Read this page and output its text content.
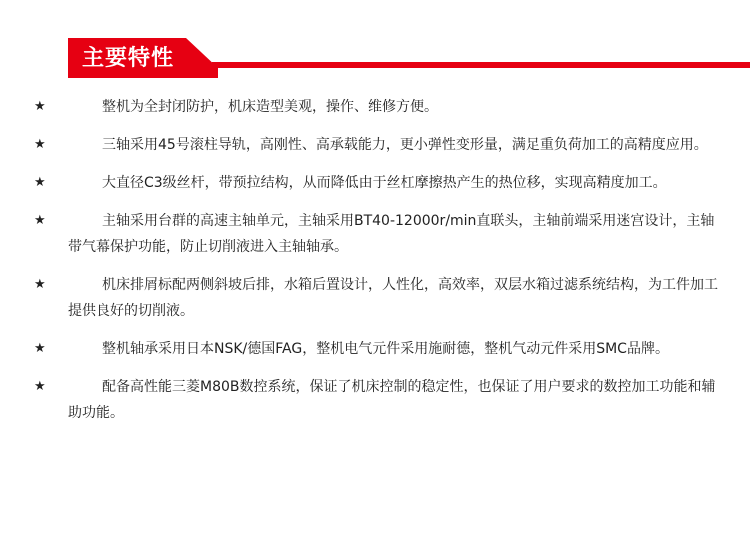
主要特性
★	整机为全封闭防护，机床造型美观，操作、维修方便。
★	三轴采用45号滚柱导轨，高刚性、高承载能力，更小弹性变形量，满足重负荷加工的高精度应用。
★	大直径C3级丝杆，带预拉结构，从而降低由于丝杠摩擦热产生的热位移，实现高精度加工。
★	主轴采用台群的高速主轴单元，主轴采用BT40-12000r/min直联头，主轴前端采用迷宫设计，主轴带气幕保护功能，防止切削液进入主轴轴承。
★	机床排屑标配两侧斜坡后排，水箱后置设计，人性化，高效率，双层水箱过滤系统结构，为工件加工提供良好的切削液。
★	整机轴承采用日本NSK/德国FAG，整机电气元件采用施耐德，整机气动元件采用SMC品牌。
★	配备高性能三菱M80B数控系统，保证了机床控制的稳定性，也保证了用户要求的数控加工功能和辅助功能。
